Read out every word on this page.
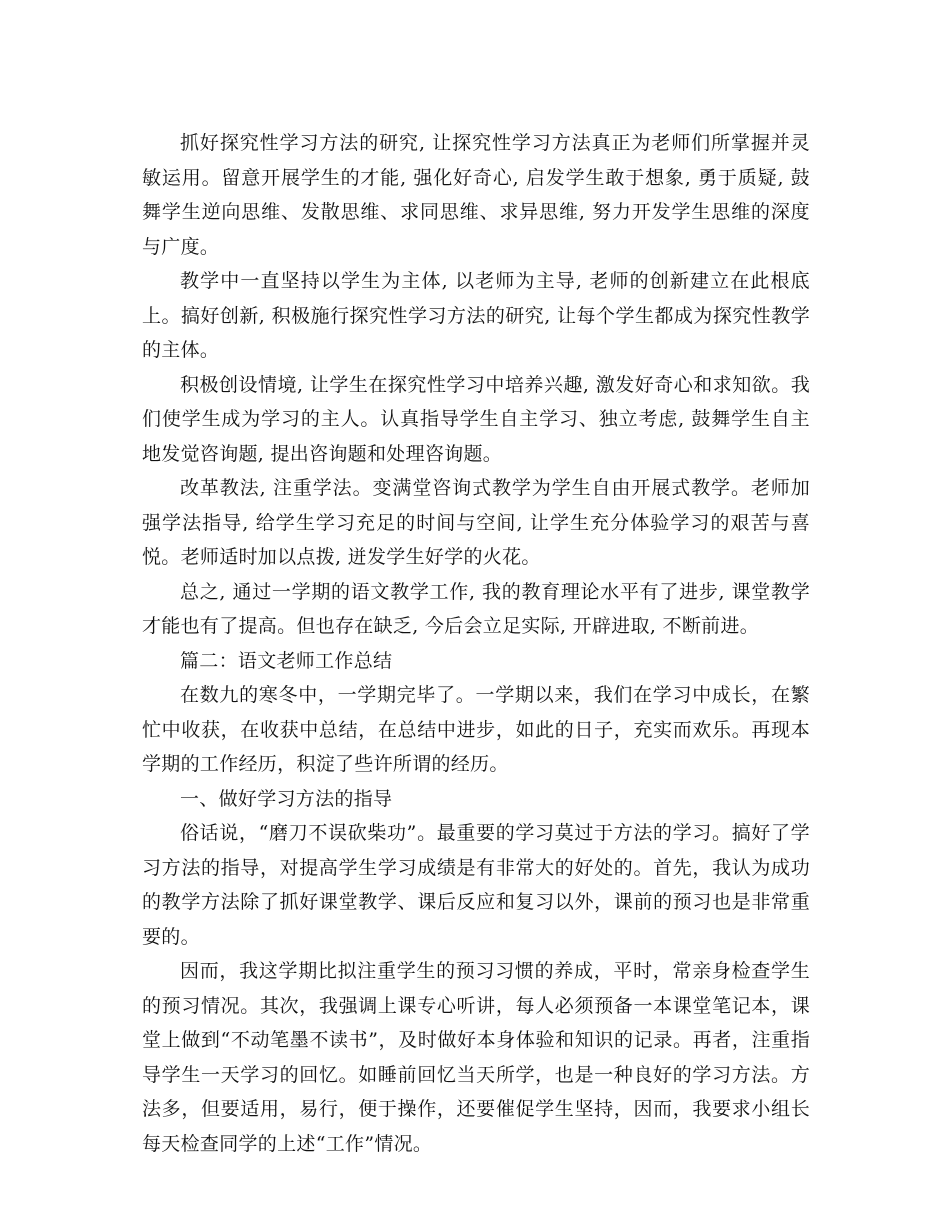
抓好探究性学习方法的研究, 让探究性学习方法真正为老师们所掌握并灵敏运用。留意开展学生的才能, 强化好奇心, 启发学生敢于想象, 勇于质疑, 鼓舞学生逆向思维、发散思维、求同思维、求异思维, 努力开发学生思维的深度与广度。

教学中一直坚持以学生为主体, 以老师为主导, 老师的创新建立在此根底上。搞好创新, 积极施行探究性学习方法的研究, 让每个学生都成为探究性教学的主体。

积极创设情境, 让学生在探究性学习中培养兴趣, 激发好奇心和求知欲。我们使学生成为学习的主人。认真指导学生自主学习、独立考虑, 鼓舞学生自主地发觉咨询题, 提出咨询题和处理咨询题。

改革教法, 注重学法。变满堂咨询式教学为学生自由开展式教学。老师加强学法指导, 给学生学习充足的时间与空间, 让学生充分体验学习的艰苦与喜悦。老师适时加以点拨, 迸发学生好学的火花。

总之, 通过一学期的语文教学工作, 我的教育理论水平有了进步, 课堂教学才能也有了提高。但也存在缺乏, 今后会立足实际, 开辟进取, 不断前进。

篇二：语文老师工作总结

在数九的寒冬中，一学期完毕了。一学期以来，我们在学习中成长，在繁忙中收获，在收获中总结，在总结中进步，如此的日子，充实而欢乐。再现本学期的工作经历，积淀了些许所谓的经历。

一、做好学习方法的指导

俗话说，“磨刀不误砍柴功”。最重要的学习莫过于方法的学习。搞好了学习方法的指导，对提高学生学习成绩是有非常大的好处的。首先，我认为成功的教学方法除了抓好课堂教学、课后反应和复习以外，课前的预习也是非常重要的。

因而，我这学期比拟注重学生的预习习惯的养成，平时，常亲身检查学生的预习情况。其次，我强调上课专心听讲，每人必须预备一本课堂笔记本，课堂上做到“不动笔墨不读书”，及时做好本身体验和知识的记录。再者，注重指导学生一天学习的回忆。如睡前回忆当天所学，也是一种良好的学习方法。方法多，但要适用，易行，便于操作，还要催促学生坚持，因而，我要求小组长每天检查同学的上述“工作”情况。
